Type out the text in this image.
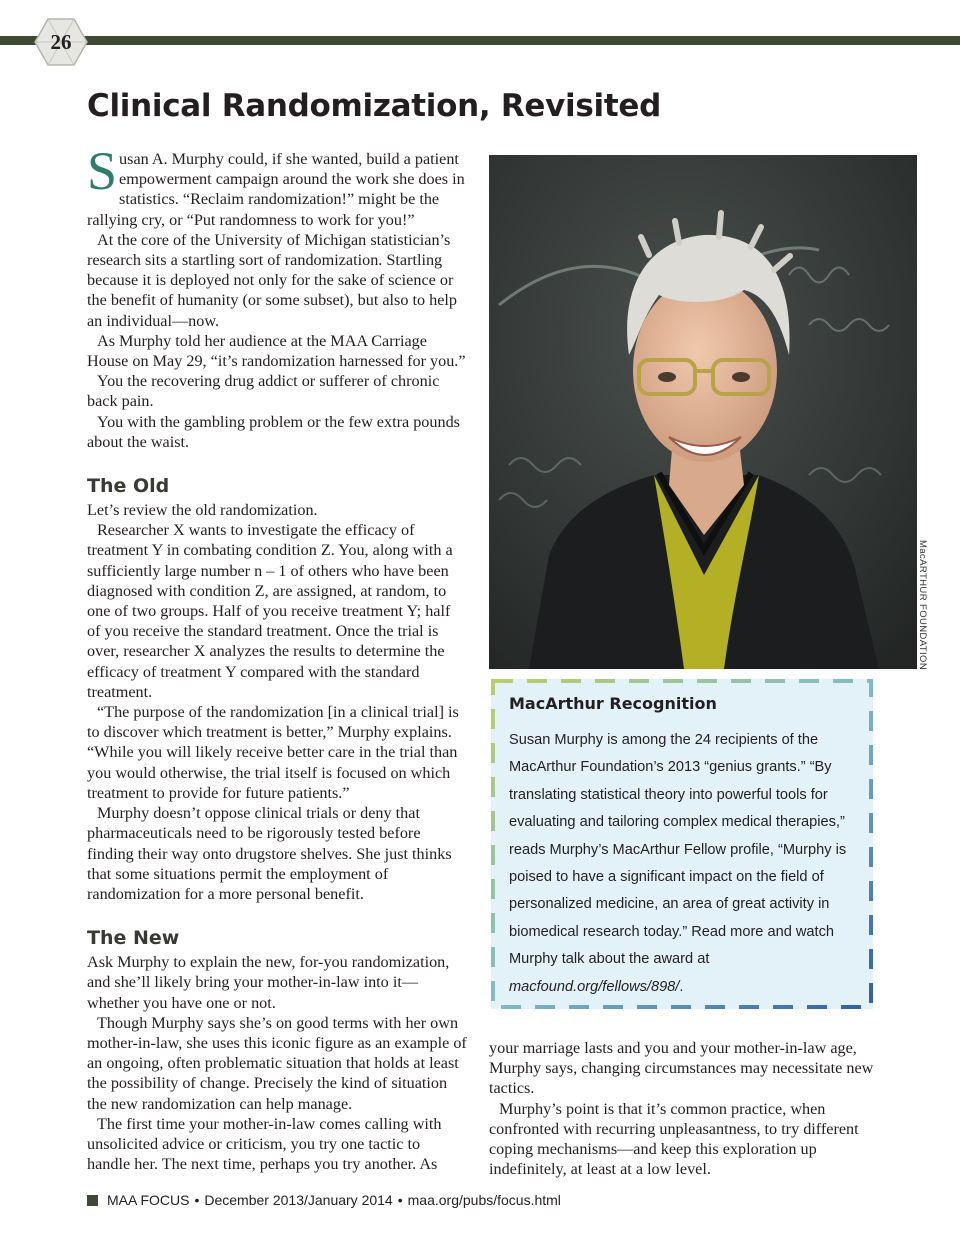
26
Clinical Randomization, Revisited

Susan A. Murphy could, if she wanted, build a patient empowerment campaign around the work she does in statistics. “Reclaim randomization!” might be the rallying cry, or “Put randomness to work for you!”

At the core of the University of Michigan statistician’s research sits a startling sort of randomization. Startling because it is deployed not only for the sake of science or the benefit of humanity (or some subset), but also to help an individual—now.

As Murphy told her audience at the MAA Carriage House on May 29, “it’s randomization harnessed for you.”

You the recovering drug addict or sufferer of chronic back pain.

You with the gambling problem or the few extra pounds about the waist.

The Old

Let’s review the old randomization.

Researcher X wants to investigate the efficacy of treatment Y in combating condition Z. You, along with a sufficiently large number n – 1 of others who have been diagnosed with condition Z, are assigned, at random, to one of two groups. Half of you receive treatment Y; half of you receive the standard treatment. Once the trial is over, researcher X analyzes the results to determine the efficacy of treatment Y compared with the standard treatment.

“The purpose of the randomization [in a clinical trial] is to discover which treatment is better,” Murphy explains. “While you will likely receive better care in the trial than you would otherwise, the trial itself is focused on which treatment to provide for future patients.”

Murphy doesn’t oppose clinical trials or deny that pharmaceuticals need to be rigorously tested before finding their way onto drugstore shelves. She just thinks that some situations permit the employment of randomization for a more personal benefit.

The New

Ask Murphy to explain the new, for-you randomization, and she’ll likely bring your mother-in-law into it—whether you have one or not.

Though Murphy says she’s on good terms with her own mother-in-law, she uses this iconic figure as an example of an ongoing, often problematic situation that holds at least the possibility of change. Precisely the kind of situation the new randomization can help manage.

The first time your mother-in-law comes calling with unsolicited advice or criticism, you try one tactic to handle her. The next time, perhaps you try another. As

MacARTHUR FOUNDATION
MacArthur Recognition
Susan Murphy is among the 24 recipients of the MacArthur Foundation’s 2013 “genius grants.” “By translating statistical theory into powerful tools for evaluating and tailoring complex medical therapies,” reads Murphy’s MacArthur Fellow profile, “Murphy is poised to have a significant impact on the field of personalized medicine, an area of great activity in biomedical research today.” Read more and watch Murphy talk about the award at macfound.org/fellows/898/.

your marriage lasts and you and your mother-in-law age, Murphy says, changing circumstances may necessitate new tactics.

Murphy’s point is that it’s common practice, when confronted with recurring unpleasantness, to try different coping mechanisms—and keep this exploration up indefinitely, at least at a low level.

MAA FOCUS • December 2013/January 2014 • maa.org/pubs/focus.html
